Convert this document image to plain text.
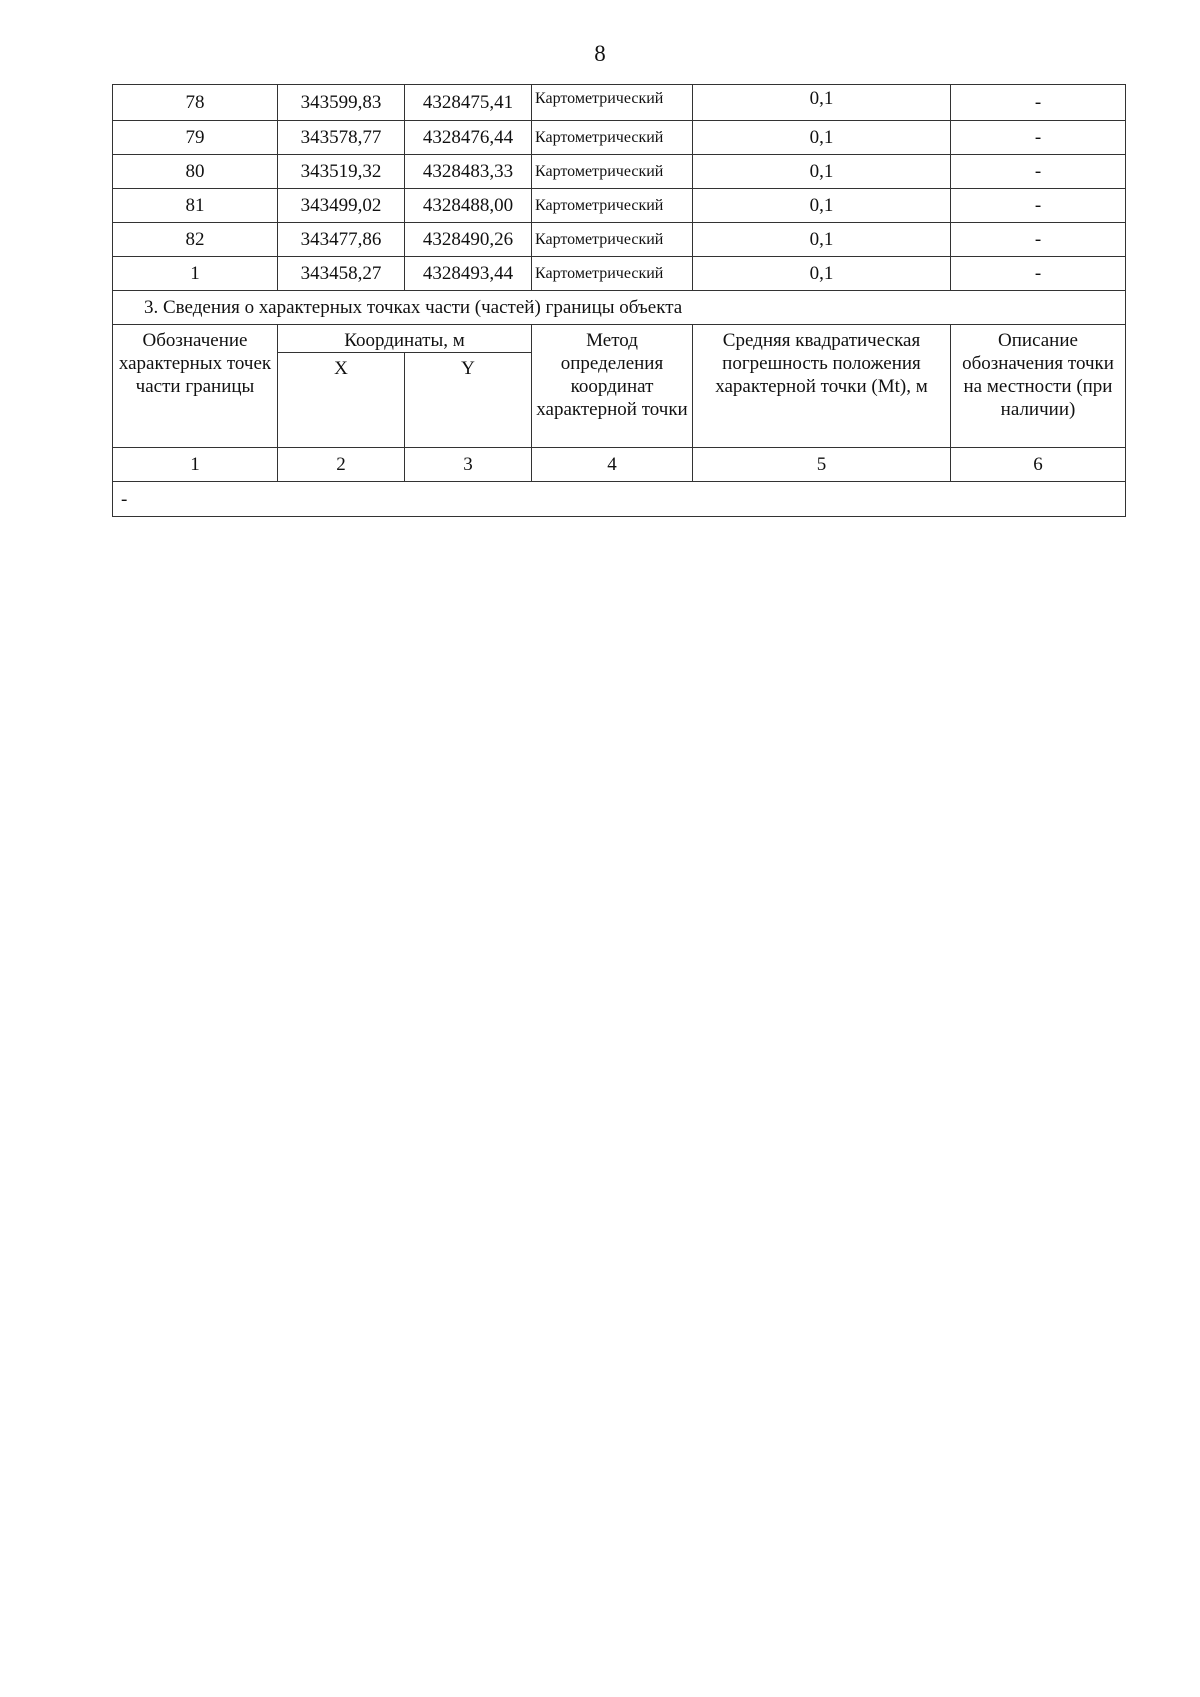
8
78	343599,83	4328475,41	Картометрический	0,1	-
79	343578,77	4328476,44	Картометрический	0,1	-
80	343519,32	4328483,33	Картометрический	0,1	-
81	343499,02	4328488,00	Картометрический	0,1	-
82	343477,86	4328490,26	Картометрический	0,1	-
1	343458,27	4328493,44	Картометрический	0,1	-
3. Сведения о характерных точках части (частей) границы объекта					
Обозначение характерных точек части границы	Координаты, м		Метод определения координат характерной точки	Средняя квадратическая погрешность положения характерной точки (Mt), м	Описание обозначения точки на местности (при наличии)
	X	Y			
1	2	3	4	5	6
-					
